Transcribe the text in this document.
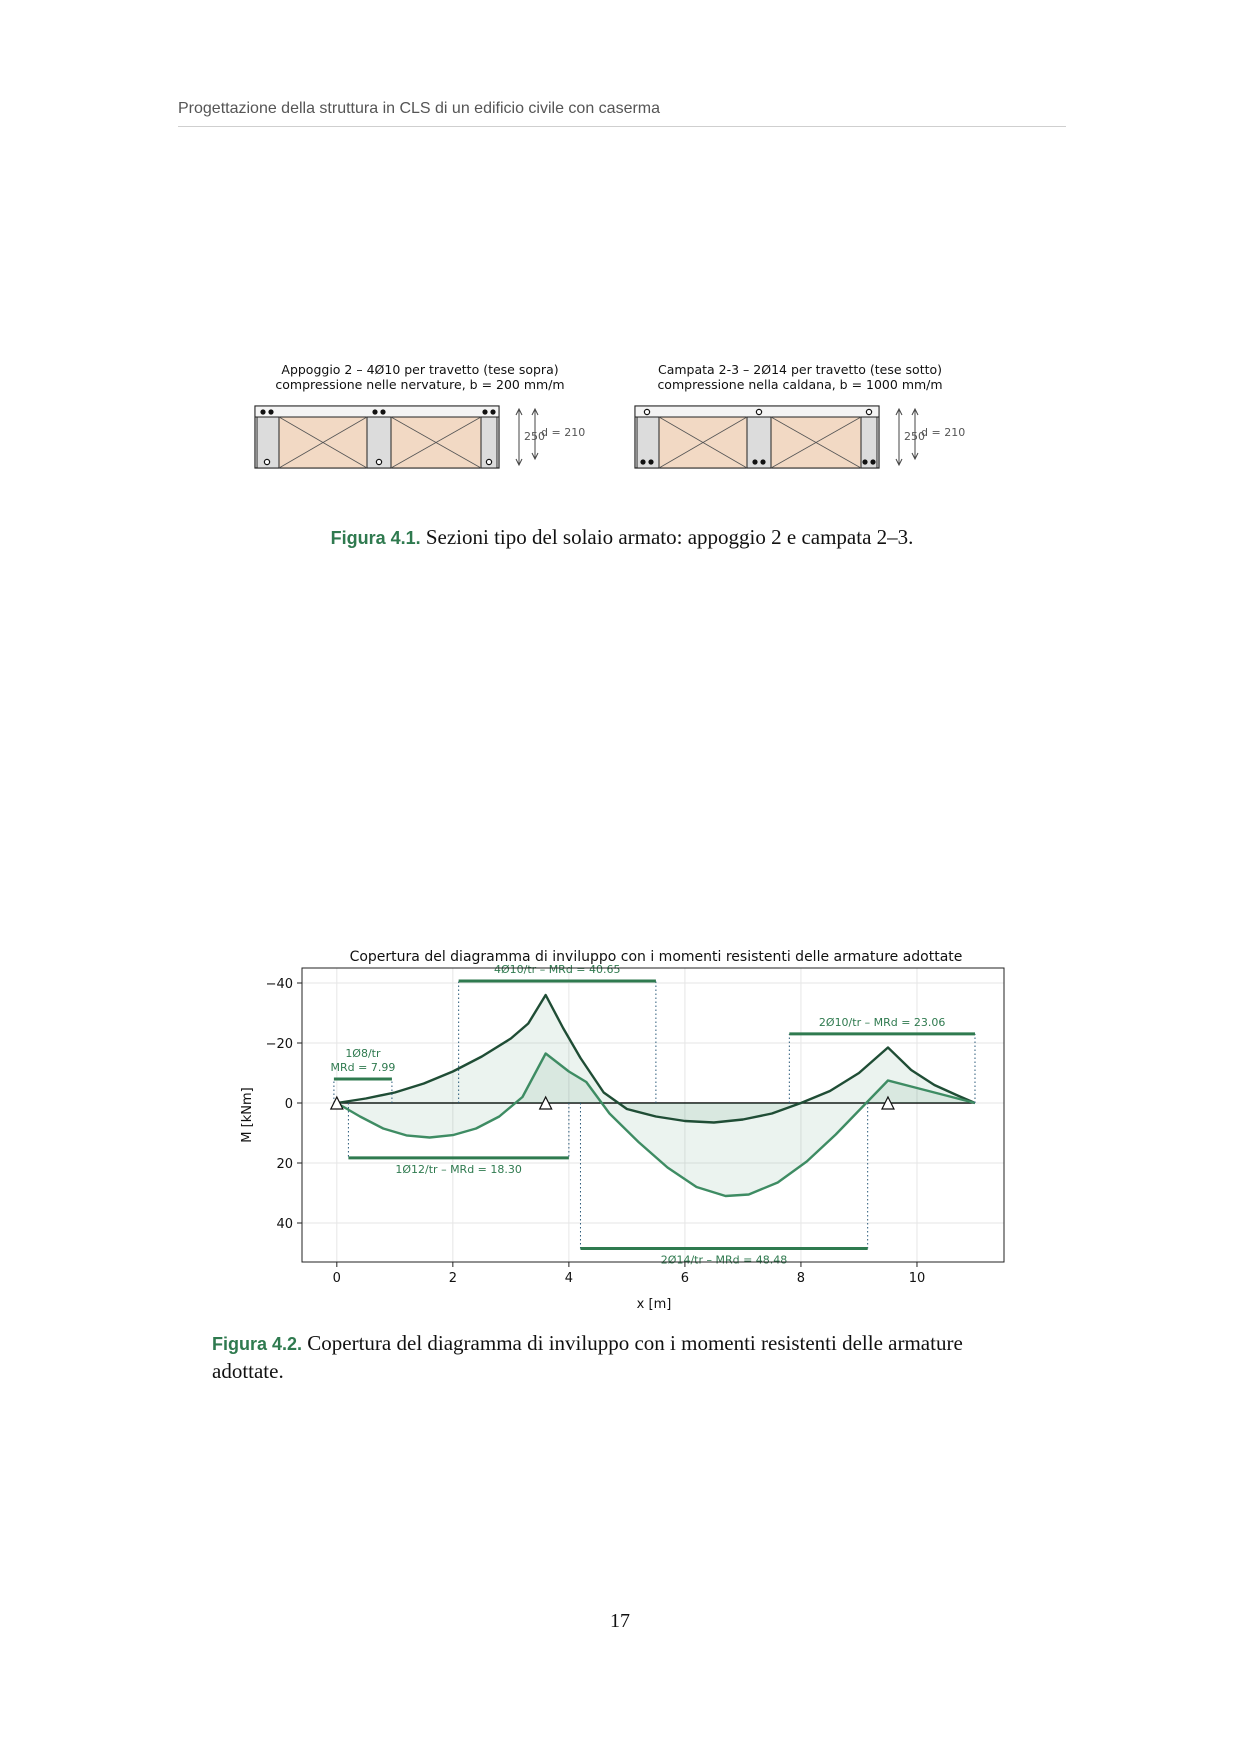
Progettazione della struttura in CLS di un edificio civile con caserma
Appoggio 2 – 4Ø10 per travetto (tese sopra)
compressione nelle nervature, b = 200 mm/m
250
d = 210
Campata 2-3 – 2Ø14 per travetto (tese sotto)
compressione nella caldana, b = 1000 mm/m
250
d = 210
Figura 4.1. Sezioni tipo del solaio armato: appoggio 2 e campata 2–3.
Copertura del diagramma di inviluppo con i momenti resistenti delle armature adottate
x [m]
M [kNm]
1Ø8/tr
MRd = 7.99
4Ø10/tr – MRd = 40.65
2Ø10/tr – MRd = 23.06
1Ø12/tr – MRd = 18.30
2Ø14/tr – MRd = 48.48
0	2	4	6	8	10
−40
−20
0
20
40
Figura 4.2. Copertura del diagramma di inviluppo con i momenti resistenti delle armature adottate.
17
